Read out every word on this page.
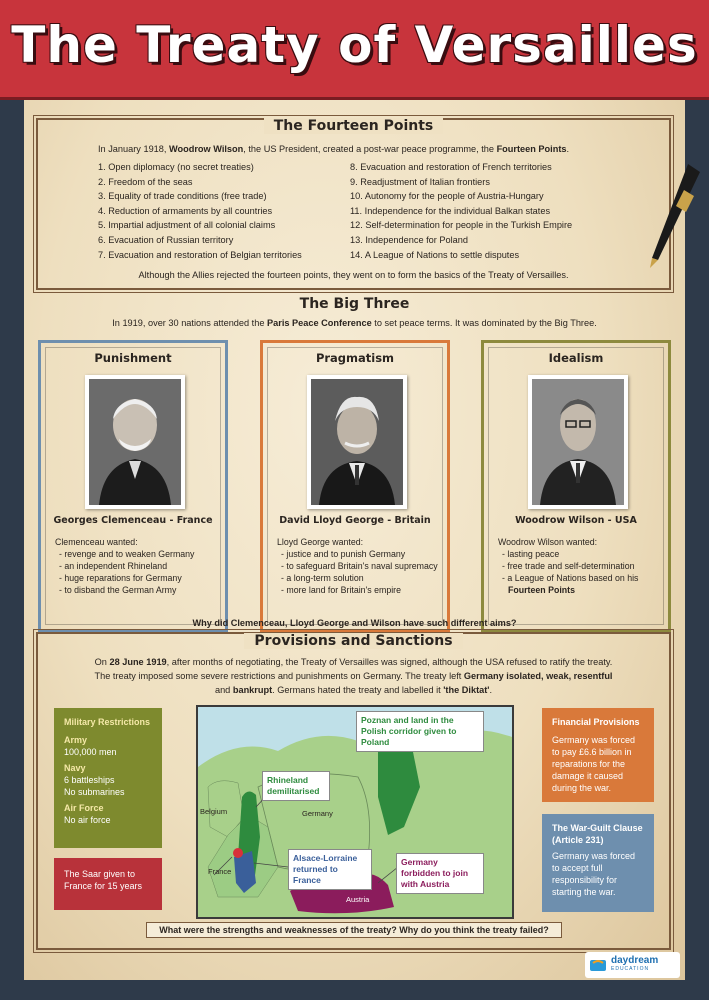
The Treaty of Versailles
The Fourteen Points
In January 1918, Woodrow Wilson, the US President, created a post-war peace programme, the Fourteen Points.
1. Open diplomacy (no secret treaties)
2. Freedom of the seas
3. Equality of trade conditions (free trade)
4. Reduction of armaments by all countries
5. Impartial adjustment of all colonial claims
6. Evacuation of Russian territory
7. Evacuation and restoration of Belgian territories
8. Evacuation and restoration of French territories
9. Readjustment of Italian frontiers
10. Autonomy for the people of Austria-Hungary
11. Independence for the individual Balkan states
12. Self-determination for people in the Turkish Empire
13. Independence for Poland
14. A League of Nations to settle disputes
Although the Allies rejected the fourteen points, they went on to form the basics of the Treaty of Versailles.
The Big Three
In 1919, over 30 nations attended the Paris Peace Conference to set peace terms. It was dominated by the Big Three.
Punishment
Georges Clemenceau - France
Clemenceau wanted:
- revenge and to weaken Germany
- an independent Rhineland
- huge reparations for Germany
- to disband the German Army
Pragmatism
David Lloyd George - Britain
Lloyd George wanted:
- justice and to punish Germany
- to safeguard Britain's naval supremacy
- a long-term solution
- more land for Britain's empire
Idealism
Woodrow Wilson - USA
Woodrow Wilson wanted:
- lasting peace
- free trade and self-determination
- a League of Nations based on his
Fourteen Points
Why did Clemenceau, Lloyd George and Wilson have such different aims?
Provisions and Sanctions
On 28 June 1919, after months of negotiating, the Treaty of Versailles was signed, although the USA refused to ratify the treaty.
The treaty imposed some severe restrictions and punishments on Germany. The treaty left Germany isolated, weak, resentful
and bankrupt. Germans hated the treaty and labelled it 'the Diktat'.
Military Restrictions
Army
100,000 men
Navy
6 battleships
No submarines
Air Force
No air force
The Saar given to France for 15 years
Poznan and land in the Polish corridor given to Poland
Rhineland demilitarised
Germany
Belgium
France
Alsace-Lorraine returned to France
Germany forbidden to join with Austria
Austria
Financial Provisions
Germany was forced to pay £6.6 billion in reparations for the damage it caused during the war.
The War-Guilt Clause (Article 231)
Germany was forced to accept full responsibility for starting the war.
What were the strengths and weaknesses of the treaty? Why do you think the treaty failed?
daydream
EDUCATION
